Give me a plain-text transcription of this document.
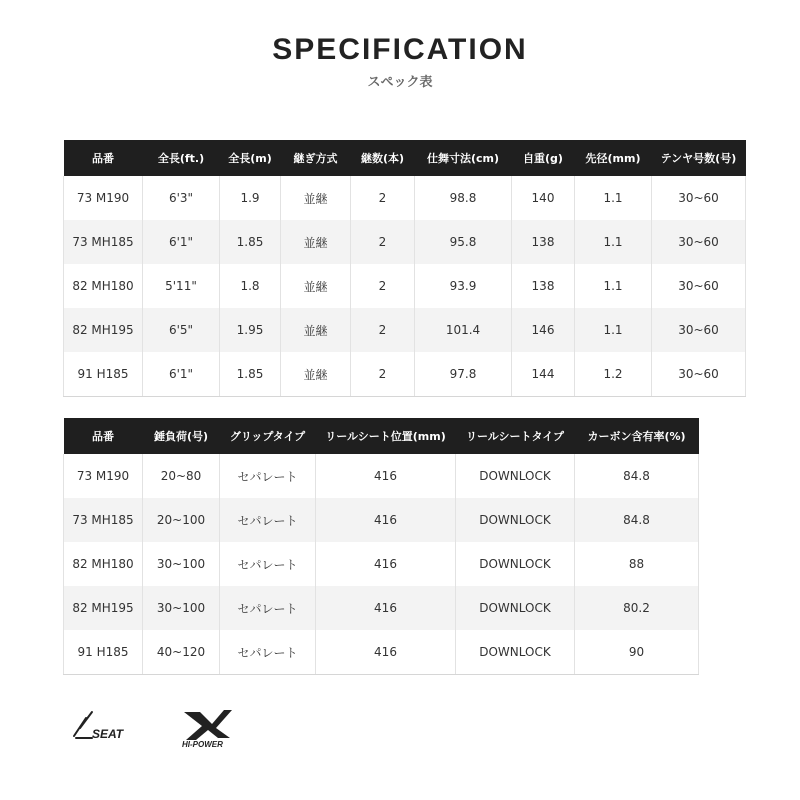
SPECIFICATION
スペック表
品番	全長(ft.)	全長(m)	継ぎ方式	継数(本)	仕舞寸法(cm)	自重(g)	先径(mm)	テンヤ号数(号)
73 M190	6'3"	1.9	並継	2	98.8	140	1.1	30~60
73 MH185	6'1"	1.85	並継	2	95.8	138	1.1	30~60
82 MH180	5'11"	1.8	並継	2	93.9	138	1.1	30~60
82 MH195	6'5"	1.95	並継	2	101.4	146	1.1	30~60
91 H185	6'1"	1.85	並継	2	97.8	144	1.2	30~60
品番	錘負荷(号)	グリップタイプ	リールシート位置(mm)	リールシートタイプ	カーボン含有率(%)
73 M190	20~80	セパレート	416	DOWNLOCK	84.8
73 MH185	20~100	セパレート	416	DOWNLOCK	84.8
82 MH180	30~100	セパレート	416	DOWNLOCK	88
82 MH195	30~100	セパレート	416	DOWNLOCK	80.2
91 H185	40~120	セパレート	416	DOWNLOCK	90
SEAT
HI-POWER
